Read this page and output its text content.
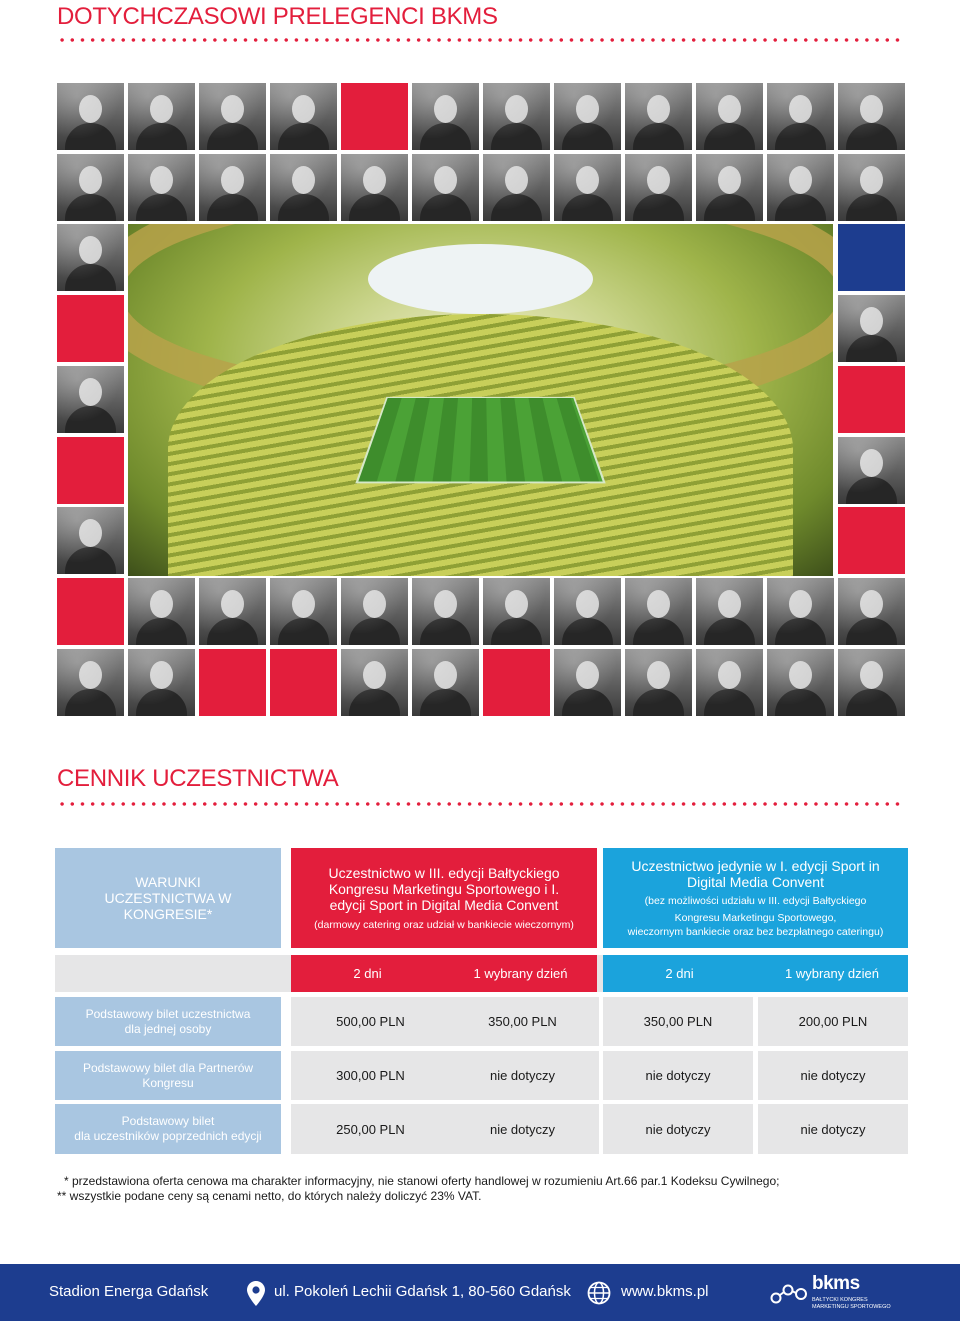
DOTYCHCZASOWI PRELEGENCI BKMS
CENNIK UCZESTNICTWA
WARUNKI UCZESTNICTWA W KONGRESIE*
Uczestnictwo w III. edycji Bałtyckiego Kongresu Marketingu Sportowego i I. edycji Sport in Digital Media Convent
(darmowy catering oraz udział w bankiecie wieczornym)
Uczestnictwo jedynie w I. edycji Sport in Digital Media Convent
(bez możliwości udziału w III. edycji Bałtyckiego
Kongresu Marketingu Sportowego,
wieczornym bankiecie oraz bez bezpłatnego cateringu)
2 dni	1 wybrany dzień	2 dni	1 wybrany dzień
Podstawowy bilet uczestnictwa
dla jednej osoby	500,00 PLN	350,00 PLN	350,00 PLN	200,00 PLN
Podstawowy bilet dla Partnerów
Kongresu	300,00 PLN	nie dotyczy	nie dotyczy	nie dotyczy
Podstawowy bilet
dla uczestników poprzednich edycji	250,00 PLN	nie dotyczy	nie dotyczy	nie dotyczy
* przedstawiona oferta cenowa ma charakter informacyjny, nie stanowi oferty handlowej w rozumieniu Art.66 par.1 Kodeksu Cywilnego;
** wszystkie podane ceny są cenami netto, do których należy doliczyć 23% VAT.
Stadion Energa Gdańsk	ul. Pokoleń Lechii Gdańsk 1, 80-560 Gdańsk	www.bkms.pl	bkms
BAŁTYCKI KONGRES
MARKETINGU SPORTOWEGO
